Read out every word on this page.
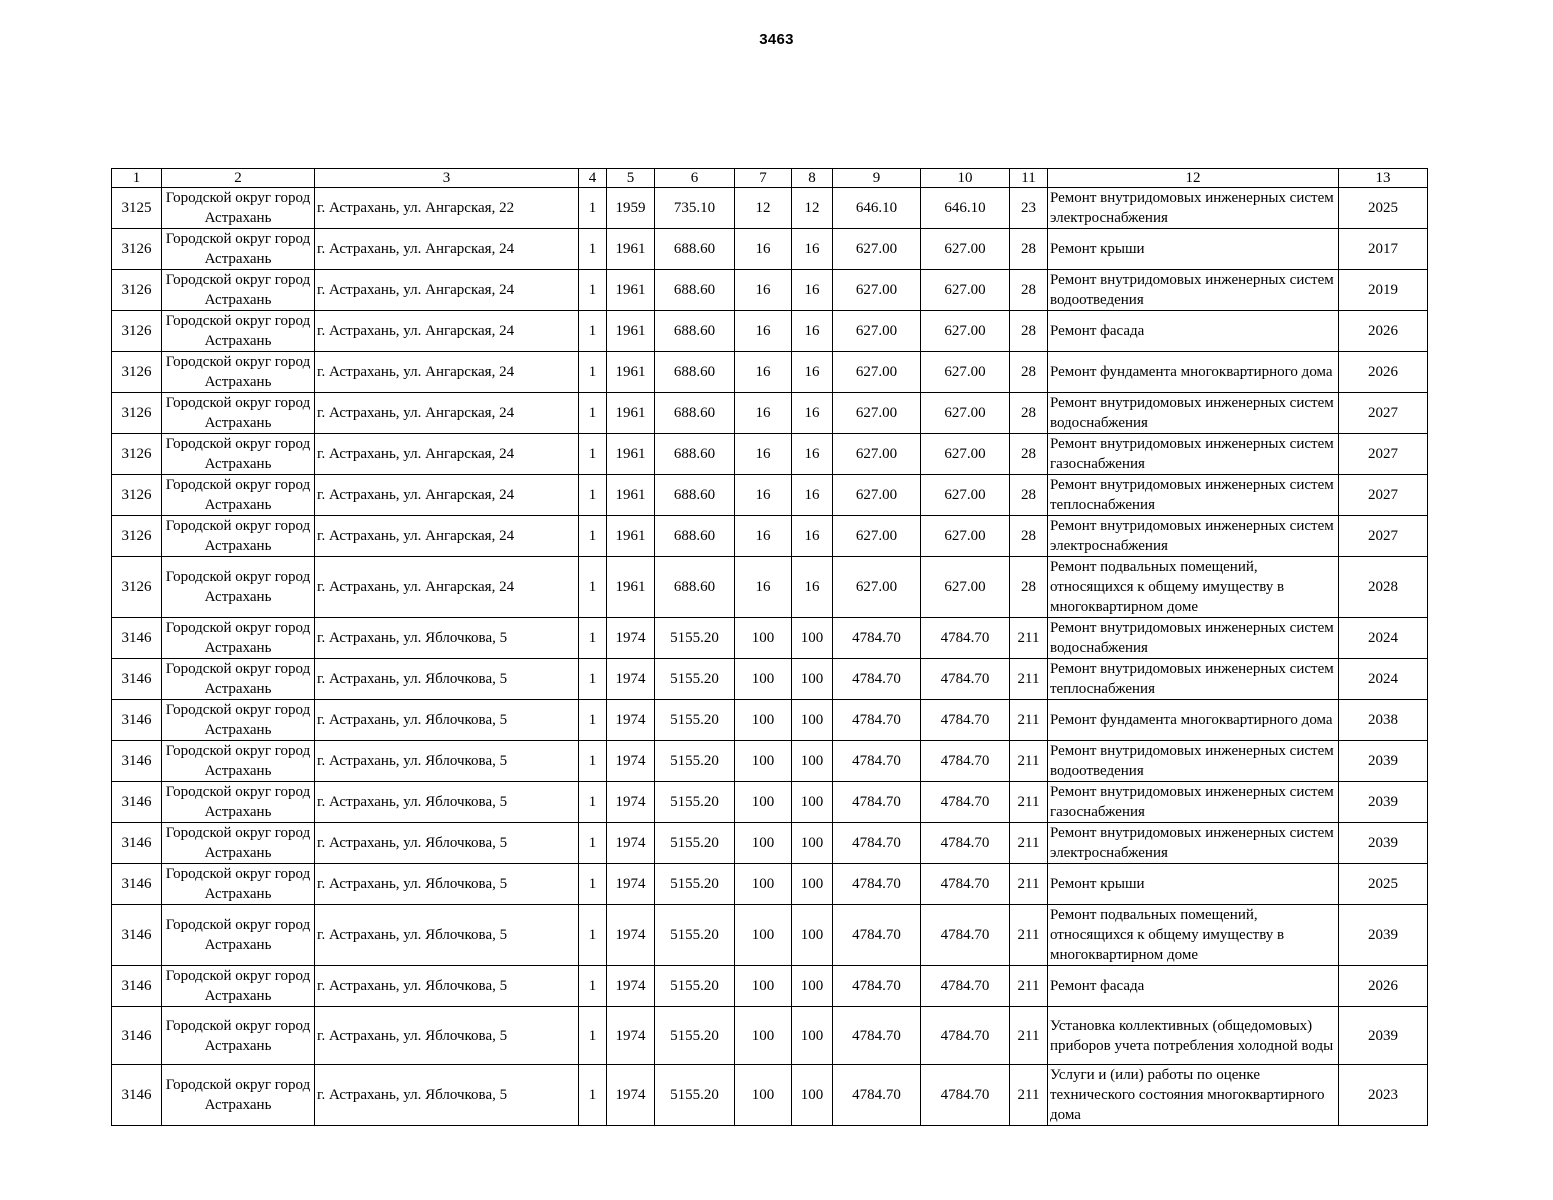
3463
1	2	3	4	5	6	7	8	9	10	11	12	13
3125	Городской округ город Астрахань	г. Астрахань, ул. Ангарская, 22	1	1959	735.10	12	12	646.10	646.10	23	Ремонт внутридомовых инженерных систем электроснабжения	2025
3126	Городской округ город Астрахань	г. Астрахань, ул. Ангарская, 24	1	1961	688.60	16	16	627.00	627.00	28	Ремонт крыши	2017
3126	Городской округ город Астрахань	г. Астрахань, ул. Ангарская, 24	1	1961	688.60	16	16	627.00	627.00	28	Ремонт внутридомовых инженерных систем водоотведения	2019
3126	Городской округ город Астрахань	г. Астрахань, ул. Ангарская, 24	1	1961	688.60	16	16	627.00	627.00	28	Ремонт фасада	2026
3126	Городской округ город Астрахань	г. Астрахань, ул. Ангарская, 24	1	1961	688.60	16	16	627.00	627.00	28	Ремонт фундамента многоквартирного дома	2026
3126	Городской округ город Астрахань	г. Астрахань, ул. Ангарская, 24	1	1961	688.60	16	16	627.00	627.00	28	Ремонт внутридомовых инженерных систем водоснабжения	2027
3126	Городской округ город Астрахань	г. Астрахань, ул. Ангарская, 24	1	1961	688.60	16	16	627.00	627.00	28	Ремонт внутридомовых инженерных систем газоснабжения	2027
3126	Городской округ город Астрахань	г. Астрахань, ул. Ангарская, 24	1	1961	688.60	16	16	627.00	627.00	28	Ремонт внутридомовых инженерных систем теплоснабжения	2027
3126	Городской округ город Астрахань	г. Астрахань, ул. Ангарская, 24	1	1961	688.60	16	16	627.00	627.00	28	Ремонт внутридомовых инженерных систем электроснабжения	2027
3126	Городской округ город Астрахань	г. Астрахань, ул. Ангарская, 24	1	1961	688.60	16	16	627.00	627.00	28	Ремонт подвальных помещений, относящихся к общему имуществу в многоквартирном доме	2028
3146	Городской округ город Астрахань	г. Астрахань, ул. Яблочкова, 5	1	1974	5155.20	100	100	4784.70	4784.70	211	Ремонт внутридомовых инженерных систем водоснабжения	2024
3146	Городской округ город Астрахань	г. Астрахань, ул. Яблочкова, 5	1	1974	5155.20	100	100	4784.70	4784.70	211	Ремонт внутридомовых инженерных систем теплоснабжения	2024
3146	Городской округ город Астрахань	г. Астрахань, ул. Яблочкова, 5	1	1974	5155.20	100	100	4784.70	4784.70	211	Ремонт фундамента многоквартирного дома	2038
3146	Городской округ город Астрахань	г. Астрахань, ул. Яблочкова, 5	1	1974	5155.20	100	100	4784.70	4784.70	211	Ремонт внутридомовых инженерных систем водоотведения	2039
3146	Городской округ город Астрахань	г. Астрахань, ул. Яблочкова, 5	1	1974	5155.20	100	100	4784.70	4784.70	211	Ремонт внутридомовых инженерных систем газоснабжения	2039
3146	Городской округ город Астрахань	г. Астрахань, ул. Яблочкова, 5	1	1974	5155.20	100	100	4784.70	4784.70	211	Ремонт внутридомовых инженерных систем электроснабжения	2039
3146	Городской округ город Астрахань	г. Астрахань, ул. Яблочкова, 5	1	1974	5155.20	100	100	4784.70	4784.70	211	Ремонт крыши	2025
3146	Городской округ город Астрахань	г. Астрахань, ул. Яблочкова, 5	1	1974	5155.20	100	100	4784.70	4784.70	211	Ремонт подвальных помещений, относящихся к общему имуществу в многоквартирном доме	2039
3146	Городской округ город Астрахань	г. Астрахань, ул. Яблочкова, 5	1	1974	5155.20	100	100	4784.70	4784.70	211	Ремонт фасада	2026
3146	Городской округ город Астрахань	г. Астрахань, ул. Яблочкова, 5	1	1974	5155.20	100	100	4784.70	4784.70	211	Установка коллективных (общедомовых) приборов учета потребления холодной воды	2039
3146	Городской округ город Астрахань	г. Астрахань, ул. Яблочкова, 5	1	1974	5155.20	100	100	4784.70	4784.70	211	Услуги и (или) работы по оценке технического состояния многоквартирного дома	2023
